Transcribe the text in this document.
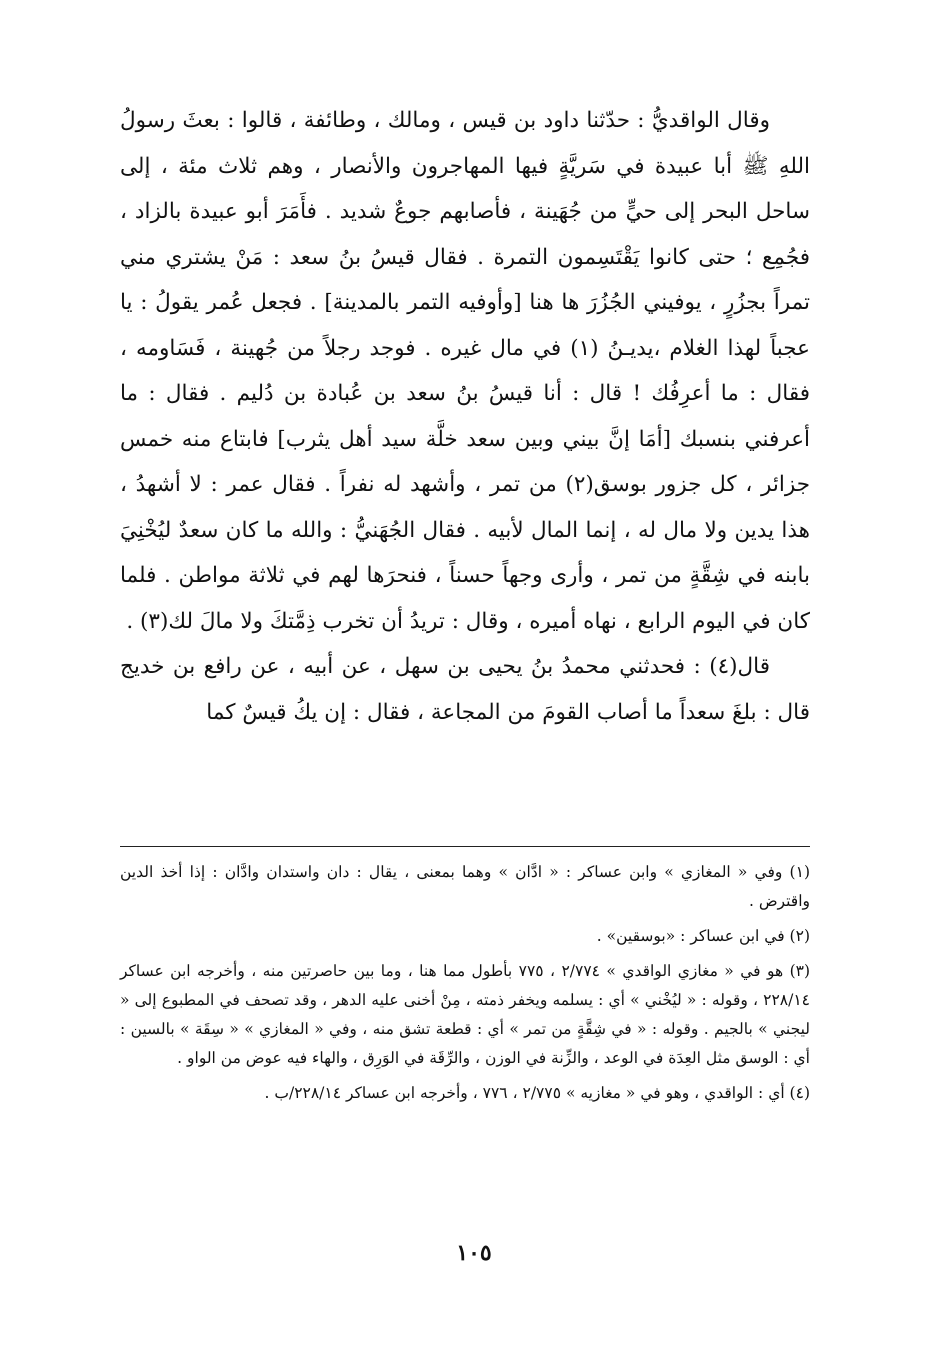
وقال الواقديُّ : حدّثنا داود بن قيس ، ومالك ، وطائفة ، قالوا : بعثَ رسولُ اللهِ ﷺ أبا عبيدة في سَريَّةٍ فيها المهاجرون والأنصار ، وهم ثلاث مئة ، إلى ساحل البحر إلى حيٍّ من جُهَينة ، فأصابهم جوعٌ شديد . فأَمَرَ أبو عبيدة بالزاد ، فجُمِع ؛ حتى كانوا يَقْتَسِمون التمرة . فقال قيسُ بنُ سعد : مَنْ يشتري مني تمراً بجزُرٍ ، يوفيني الجُزُرَ ها هنا [وأوفيه التمر بالمدينة] . فجعل عُمر يقولُ : يا عجباً لهذا الغلام ،يديـنُ (١) في مال غيره . فوجد رجلاً من جُهينة ، فَسَاومه ، فقال : ما أعرِفُك ! قال : أنا قيسُ بنُ سعد بن عُبادة بن دُليم . فقال : ما أعرفني بنسبك [أمَا إنَّ بيني وبين سعد خلَّة سيد أهل يثرب] فابتاع منه خمس جزائر ، كل جزور بوسق(٢) من تمر ، وأشهد له نفراً . فقال عمر : لا أشهدُ ، هذا يدين ولا مال له ، إنما المال لأبيه . فقال الجُهَنيُّ : والله ما كان سعدٌ ليُخْنِيَ بابنه في شِقَّةٍ من تمر ، وأرى وجهاً حسناً ، فنحرَها لهم في ثلاثة مواطن . فلما كان في اليوم الرابع ، نهاه أميره ، وقال : تريدُ أن تخرب ذِمَّتكَ ولا مالَ لك(٣) .

قال(٤) : فحدثني محمدُ بنُ يحيى بن سهل ، عن أبيه ، عن رافع بن خديج قال : بلغَ سعداً ما أصاب القومَ من المجاعة ، فقال : إن يكُ قيسٌ كما

(١) وفي « المغازي » وابن عساكر : « ادَّان » وهما بمعنى ، يقال : دان واستدان وادَّان : إذا أخذ الدين واقترض .

(٢) في ابن عساكر : «بوسقين» .

(٣) هو في « مغازي الواقدي » ٢/٧٧٤ ، ٧٧٥ بأطول مما هنا ، وما بين حاصرتين منه ، وأخرجه ابن عساكر ٢٢٨/١٤ ، وقوله : « ليُخْني » أي : يسلمه ويخفر ذمته ، مِنْ أخنى عليه الدهر ، وقد تصحف في المطبوع إلى « ليجني » بالجيم . وقوله : « في شِقَّةٍ من تمر » أي : قطعة تشق منه ، وفي « المغازي » « سِقَة » بالسين : أي : الوسق مثل العِدَة في الوعد ، والزِّنة في الوزن ، والرِّقَة في الوَرِق ، والهاء فيه عوض من الواو .

(٤) أي : الواقدي ، وهو في « مغازيه » ٢/٧٧٥ ، ٧٧٦ ، وأخرجه ابن عساكر ٢٢٨/١٤/ب .

١٠٥
